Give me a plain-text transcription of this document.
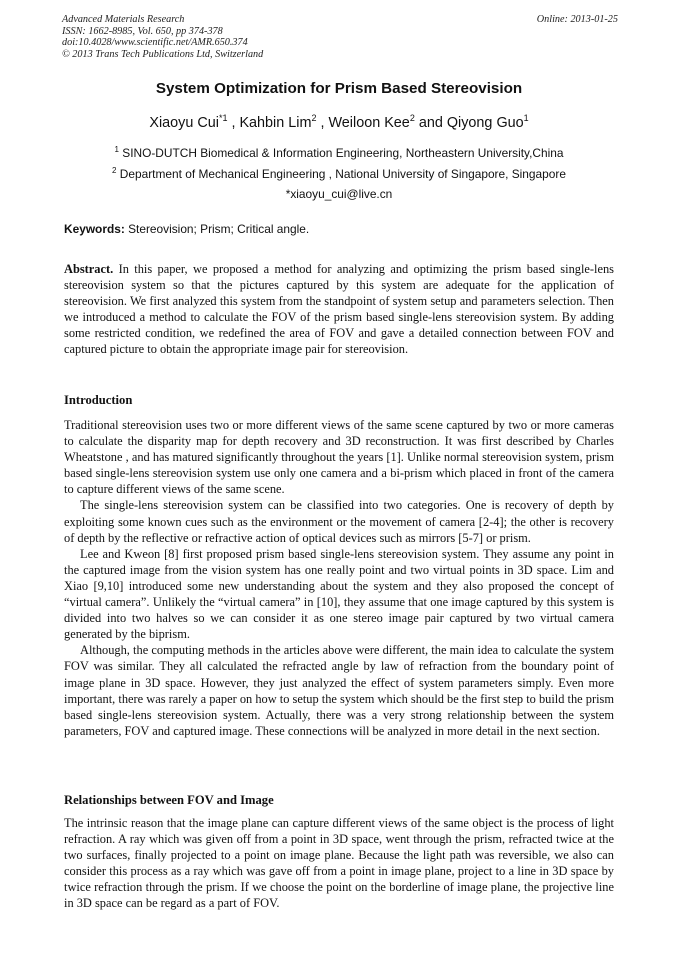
Advanced Materials Research
ISSN: 1662-8985, Vol. 650, pp 374-378
doi:10.4028/www.scientific.net/AMR.650.374
© 2013 Trans Tech Publications Ltd, Switzerland
Online: 2013-01-25
System Optimization for Prism Based Stereovision
Xiaoyu Cui$^{*1}$ , Kahbin Lim$^2$ , Weiloon Kee$^2$ and Qiyong Guo$^1$
$^1$ SINO-DUTCH Biomedical & Information Engineering, Northeastern University,China
$^2$ Department of Mechanical Engineering , National University of Singapore, Singapore
*xiaoyu_cui@live.cn
Keywords: Stereovision; Prism; Critical angle.

Abstract. In this paper, we proposed a method for analyzing and optimizing the prism based single-lens stereovision system so that the pictures captured by this system are adequate for the application of stereovision. We first analyzed this system from the standpoint of system setup and parameters selection. Then we introduced a method to calculate the FOV of the prism based single-lens stereovision system. By adding some restricted condition, we redefined the area of FOV and gave a detailed connection between FOV and captured picture to obtain the appropriate image pair for stereovision.

Introduction

Traditional stereovision uses two or more different views of the same scene captured by two or more cameras to calculate the disparity map for depth recovery and 3D reconstruction. It was first described by Charles Wheatstone , and has matured significantly throughout the years [1]. Unlike normal stereovision system, prism based single-lens stereovision system use only one camera and a bi-prism which placed in front of the camera to capture different views of the same scene.

The single-lens stereovision system can be classified into two categories. One is recovery of depth by exploiting some known cues such as the environment or the movement of camera [2-4]; the other is recovery of depth by the reflective or refractive action of optical devices such as mirrors [5-7] or prism.

Lee and Kweon [8] first proposed prism based single-lens stereovision system. They assume any point in the captured image from the vision system has one really point and two virtual points in 3D space. Lim and Xiao [9,10] introduced some new understanding about the system and they also proposed the concept of “virtual camera”. Unlikely the “virtual camera” in [10], they assume that one image captured by this system is divided into two halves so we can consider it as one stereo image pair captured by two virtual camera generated by the biprism.

Although, the computing methods in the articles above were different, the main idea to calculate the system FOV was similar. They all calculated the refracted angle by law of refraction from the boundary point of image plane in 3D space. However, they just analyzed the effect of system parameters simply. Even more important, there was rarely a paper on how to setup the system which should be the first step to build the prism based single-lens stereovision system. Actually, there was a very strong relationship between the system parameters, FOV and captured image. These connections will be analyzed in more detail in the next section.

Relationships between FOV and Image

The intrinsic reason that the image plane can capture different views of the same object is the process of light refraction. A ray which was given off from a point in 3D space, went through the prism, refracted twice at the two surfaces, finally projected to a point on image plane. Because the light path was reversible, we also can consider this process as a ray which was gave off from a point in image plane, project to a line in 3D space by twice refraction through the prism. If we choose the point on the borderline of image plane, the projective line in 3D space can be regard as a part of FOV.
